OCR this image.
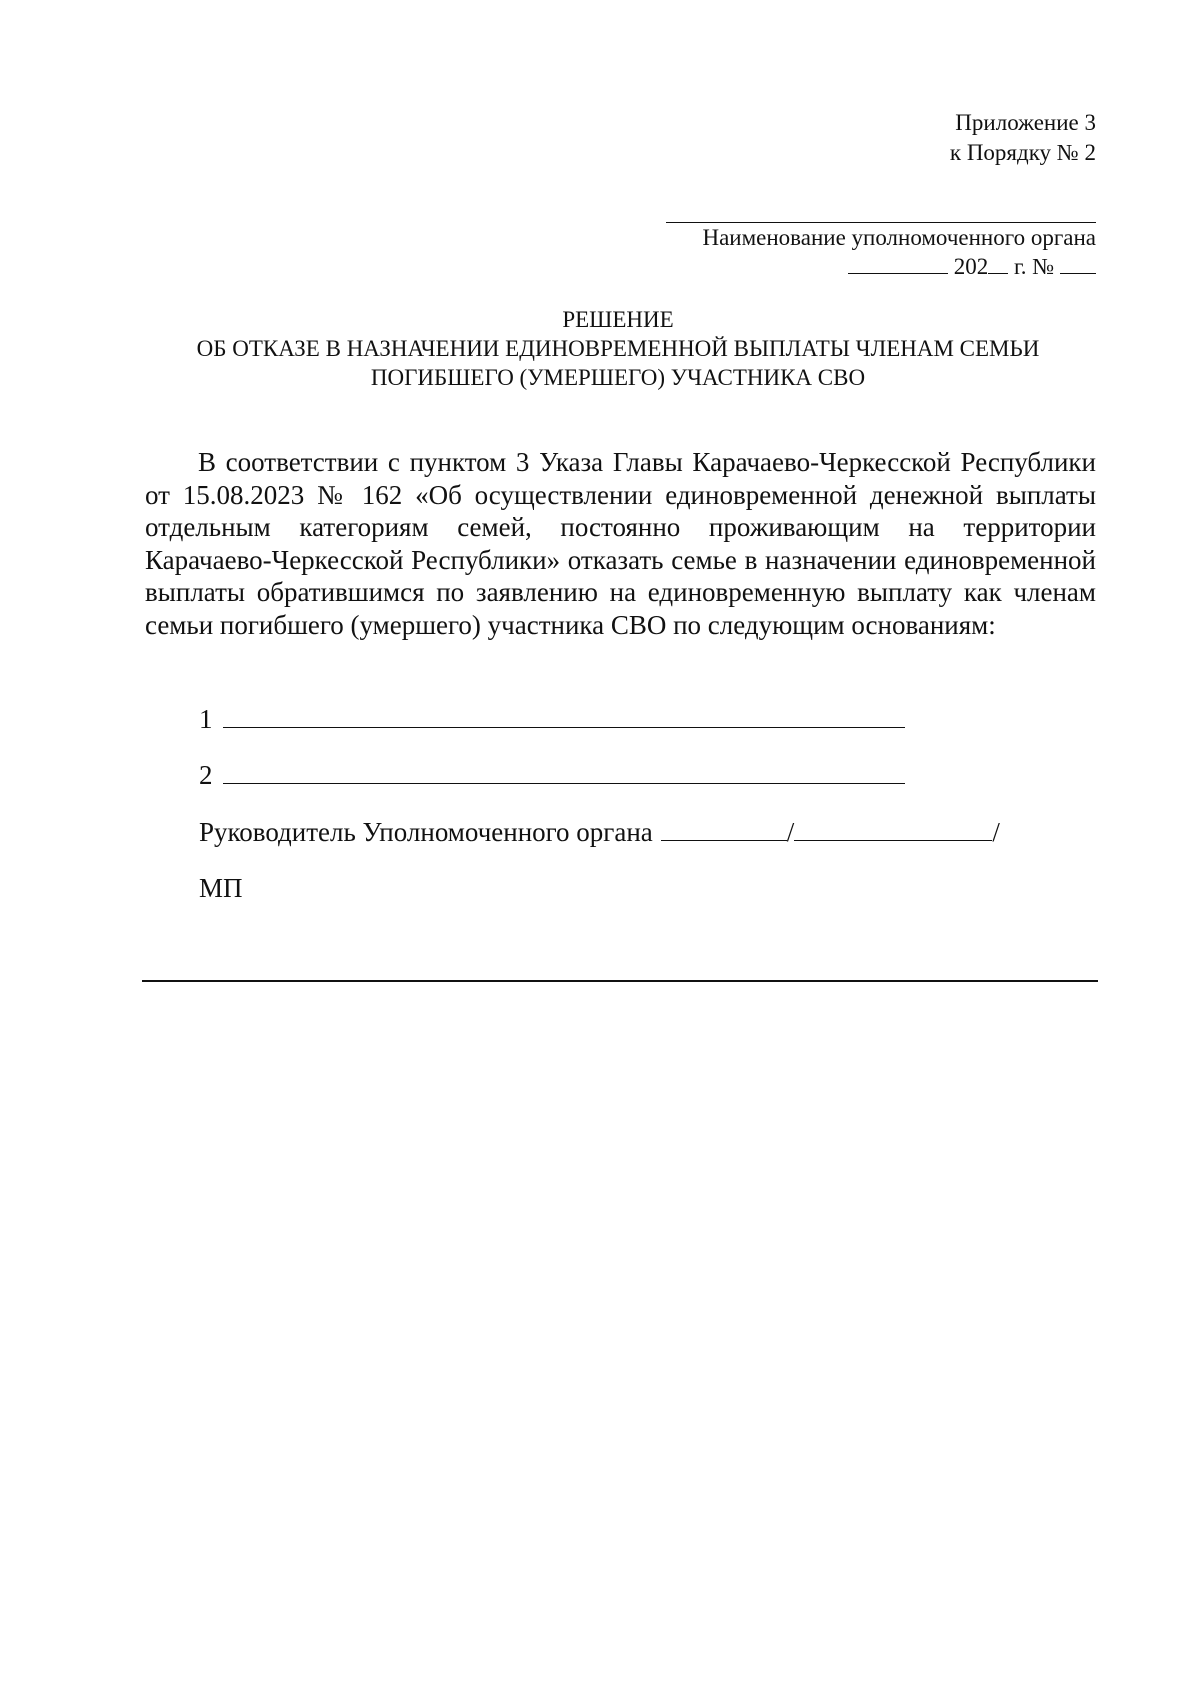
Приложение 3
к Порядку № 2
Наименование уполномоченного органа
202 г. №
РЕШЕНИЕ
ОБ ОТКАЗЕ В НАЗНАЧЕНИИ ЕДИНОВРЕМЕННОЙ ВЫПЛАТЫ ЧЛЕНАМ СЕМЬИ
ПОГИБШЕГО (УМЕРШЕГО) УЧАСТНИКА СВО

В соответствии с пунктом 3 Указа Главы Карачаево-Черкесской Республики от 15.08.2023 № 162 «Об осуществлении единовременной денежной выплаты отдельным категориям семей, постоянно проживающим на территории Карачаево-Черкесской Республики» отказать семье в назначении единовременной выплаты обратившимся по заявлению на единовременную выплату как членам семьи погибшего (умершего) участника СВО по следующим основаниям:

1
2
Руководитель Уполномоченного органа	/	/
МП
